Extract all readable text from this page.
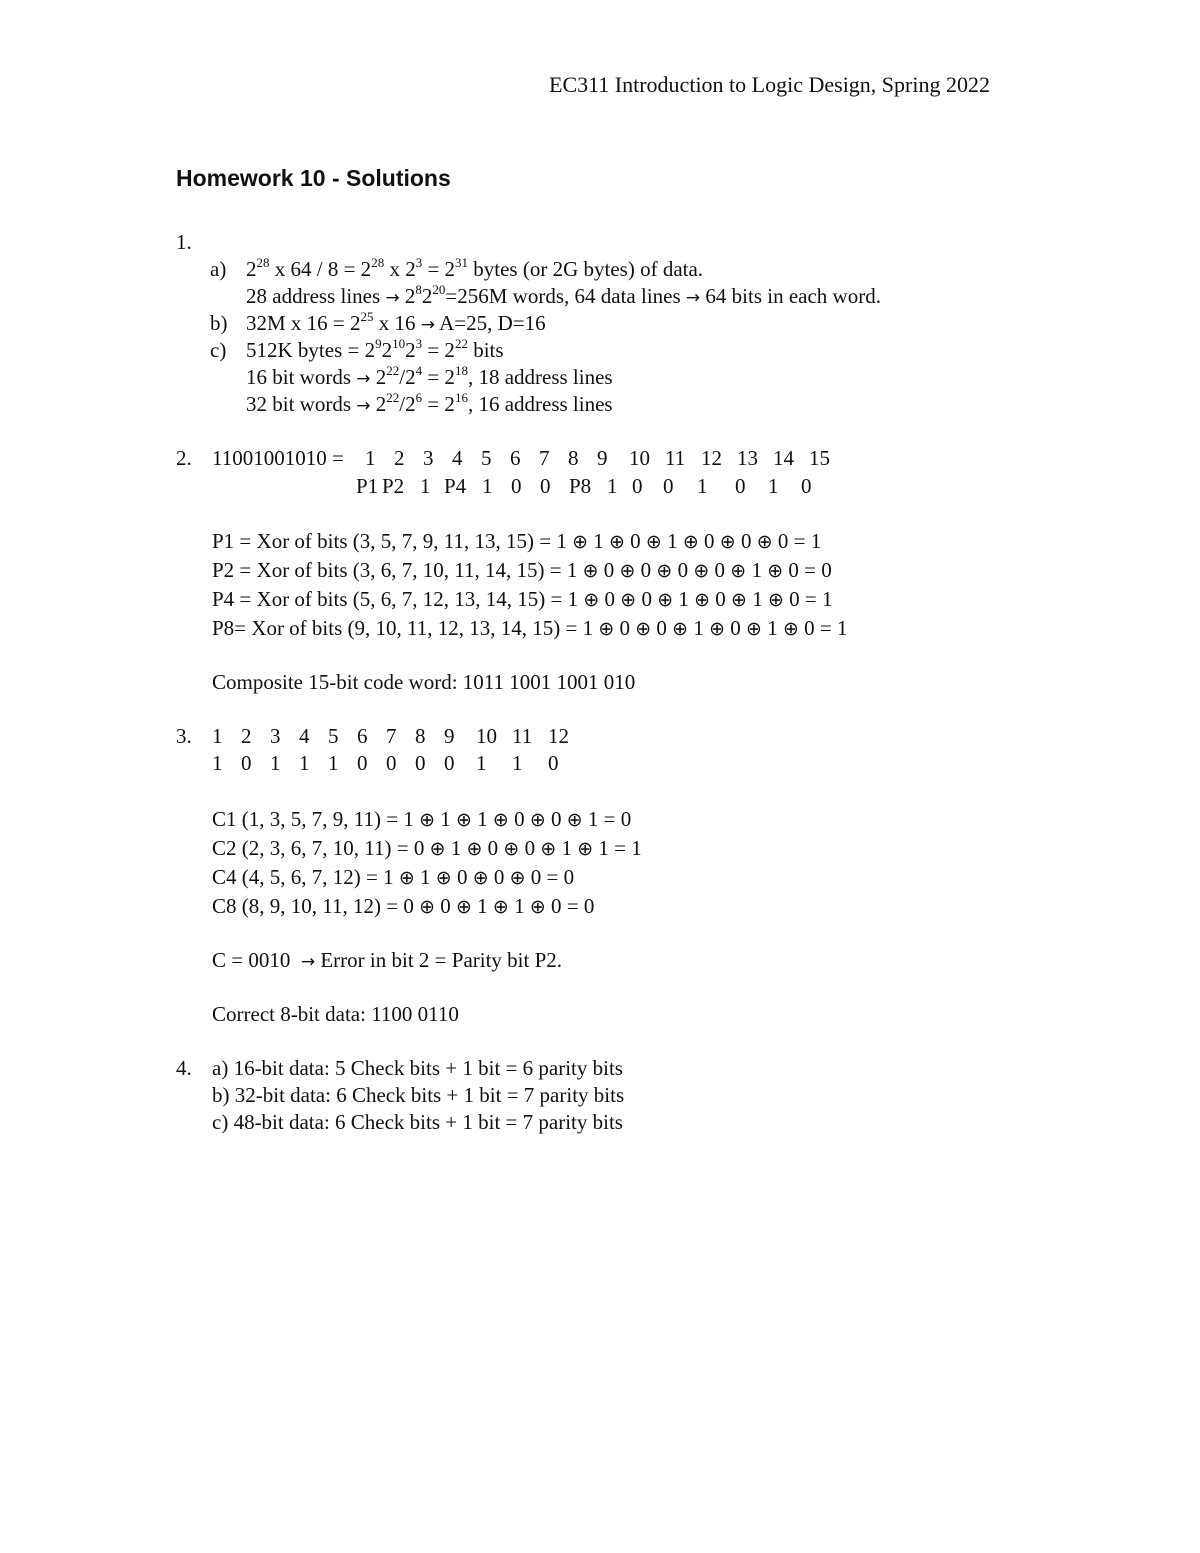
EC311 Introduction to Logic Design, Spring 2022
Homework 10 - Solutions
1.
a) $2^{28}$ x $64 / 8 = 2^{28}$ x $2^3 = 2^{31}$ bytes (or 2G bytes) of data.
28 address lines → $2^82^{20}=256M$ words, 64 data lines → 64 bits in each word.
b) 32M x $16 = 2^{25}$ x 16 → A=25, D=16
c) 512K bytes = $2^92^{10}2^3 = 2^{22}$ bits
16 bit words → $2^{22}/2^4 = 2^{18}$, 18 address lines
32 bit words → $2^{22}/2^6 = 2^{16}$, 16 address lines
2. 11001001010 = 1 2 3 4 5 6 7 8 9	10 11 12 13 14 15
P1 P2 1 P4 1 0 0 P8 1 0 0	1	0	1	0
P1 = Xor of bits (3, 5, 7, 9, 11, 13, 15) = 1 ⊕ 1 ⊕ 0 ⊕ 1 ⊕ 0 ⊕ 0 ⊕ 0 = 1
P2 = Xor of bits (3, 6, 7, 10, 11, 14, 15) = 1 ⊕ 0 ⊕ 0 ⊕ 0 ⊕ 0 ⊕ 1 ⊕ 0 = 0
P4 = Xor of bits (5, 6, 7, 12, 13, 14, 15) = 1 ⊕ 0 ⊕ 0 ⊕ 1 ⊕ 0 ⊕ 1 ⊕ 0 = 1
P8= Xor of bits (9, 10, 11, 12, 13, 14, 15) = 1 ⊕ 0 ⊕ 0 ⊕ 1 ⊕ 0 ⊕ 1 ⊕ 0 = 1
Composite 15-bit code word: 1011 1001 1001 010
3. 1 2 3 4 5 6 7 8 9	10 11 12
1 0 1 1 1 0 0 0 0	1	1	0
C1 (1, 3, 5, 7, 9, 11) = 1 ⊕ 1 ⊕ 1 ⊕ 0 ⊕ 0 ⊕ 1 = 0
C2 (2, 3, 6, 7, 10, 11) = 0 ⊕ 1 ⊕ 0 ⊕ 0 ⊕ 1 ⊕ 1 = 1
C4 (4, 5, 6, 7, 12) = 1 ⊕ 1 ⊕ 0 ⊕ 0 ⊕ 0 = 0
C8 (8, 9, 10, 11, 12) = 0 ⊕ 0 ⊕ 1 ⊕ 1 ⊕ 0 = 0
C = 0010  → Error in bit 2 = Parity bit P2.
Correct 8-bit data: 1100 0110
4. a) 16-bit data: 5 Check bits + 1 bit = 6 parity bits
b) 32-bit data: 6 Check bits + 1 bit = 7 parity bits
c) 48-bit data: 6 Check bits + 1 bit = 7 parity bits
